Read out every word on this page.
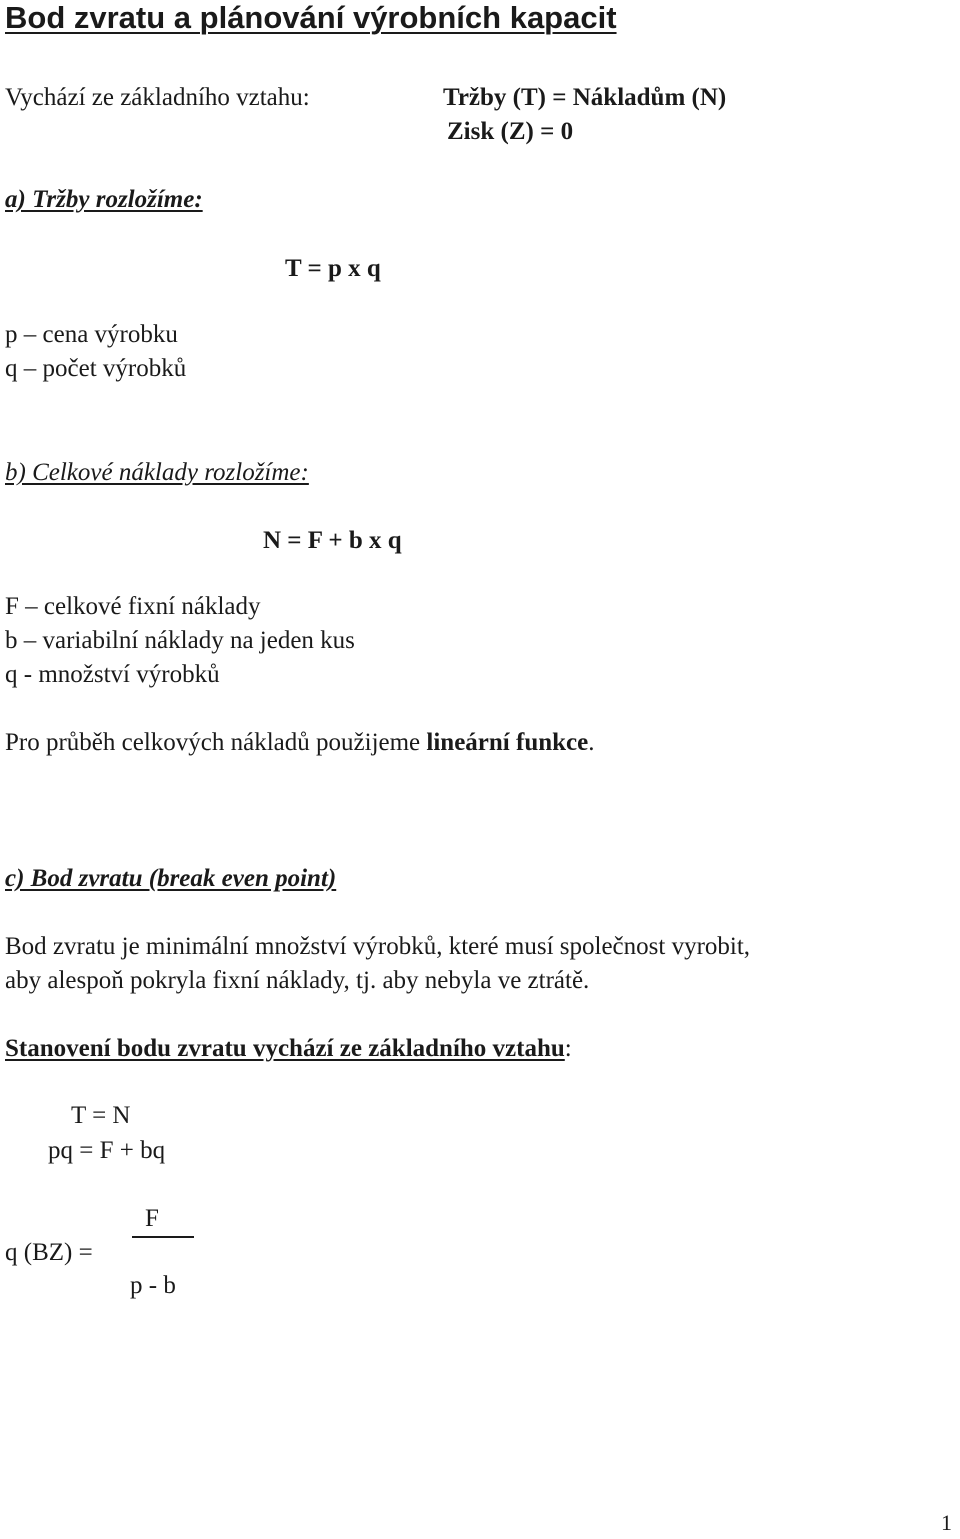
Bod zvratu a plánování výrobních kapacit
Vychází ze základního vztahu:	Tržby (T) = Nákladům (N)
Zisk (Z) = 0
a) Tržby rozložíme:
T = p x q
p – cena výrobku
q – počet výrobků
b) Celkové náklady rozložíme:
N = F + b x q
F – celkové fixní náklady
b – variabilní náklady na jeden kus
q - množství výrobků
Pro průběh celkových nákladů použijeme lineární funkce.
c) Bod zvratu (break even point)
Bod zvratu je minimální množství výrobků, které musí společnost vyrobit,
aby alespoň pokryla fixní náklady, tj. aby nebyla ve ztrátě.
Stanovení bodu zvratu vychází ze základního vztahu:
T = N
pq = F + bq
q (BZ) =
F
p - b
1
